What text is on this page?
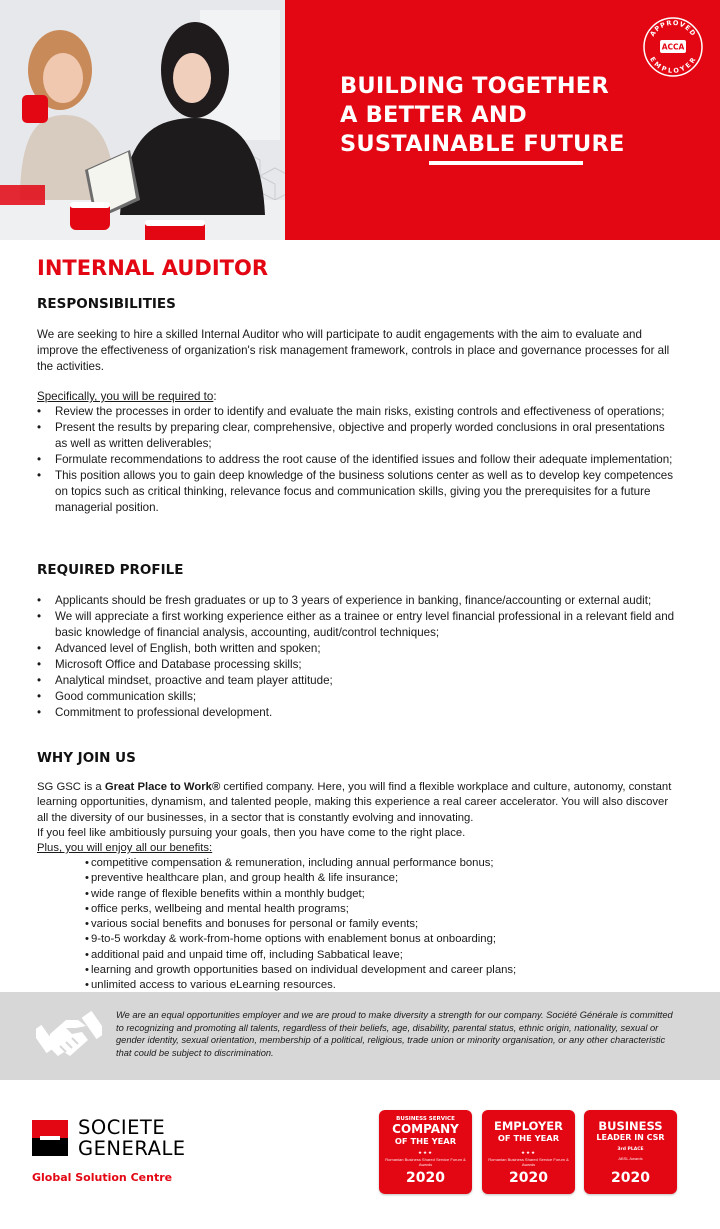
APPROVED
EMPLOYER
ACCA
BUILDING TOGETHER
A BETTER AND
SUSTAINABLE FUTURE
INTERNAL AUDITOR
RESPONSIBILITIES
We are seeking to hire a skilled Internal Auditor who will participate to audit engagements with the aim to evaluate and improve the effectiveness of organization's risk management framework, controls in place and governance processes for all the activities.
Specifically, you will be required to:
• Review the processes in order to identify and evaluate the main risks, existing controls and effectiveness of operations;
• Present the results by preparing clear, comprehensive, objective and properly worded conclusions in oral presentations as well as written deliverables;
• Formulate recommendations to address the root cause of the identified issues and follow their adequate implementation;
• This position allows you to gain deep knowledge of the business solutions center as well as to develop key competences on topics such as critical thinking, relevance focus and communication skills, giving you the prerequisites for a future managerial position.
REQUIRED PROFILE
• Applicants should be fresh graduates or up to 3 years of experience in banking, finance/accounting or external audit;
• We will appreciate a first working experience either as a trainee or entry level financial professional in a relevant field and basic knowledge of financial analysis, accounting, audit/control techniques;
• Advanced level of English, both written and spoken;
• Microsoft Office and Database processing skills;
• Analytical mindset, proactive and team player attitude;
• Good communication skills;
• Commitment to professional development.
WHY JOIN US
SG GSC is a Great Place to Work® certified company. Here, you will find a flexible workplace and culture, autonomy, constant learning opportunities, dynamism, and talented people, making this experience a real career accelerator. You will also discover all the diversity of our businesses, in a sector that is constantly evolving and innovating.
If you feel like ambitiously pursuing your goals, then you have come to the right place.
Plus, you will enjoy all our benefits:
• competitive compensation & remuneration, including annual performance bonus;
• preventive healthcare plan, and group health & life insurance;
• wide range of flexible benefits within a monthly budget;
• office perks, wellbeing and mental health programs;
• various social benefits and bonuses for personal or family events;
• 9-to-5 workday & work-from-home options with enablement bonus at onboarding;
• additional paid and unpaid time off, including Sabbatical leave;
• learning and growth opportunities based on individual development and career plans;
• unlimited access to various eLearning resources.
We are an equal opportunities employer and we are proud to make diversity a strength for our company. Société Générale is committed to recognizing and promoting all talents, regardless of their beliefs, age, disability, parental status, ethnic origin, nationality, sexual or gender identity, sexual orientation, membership of a political, religious, trade union or minority organisation, or any other characteristic that could be subject to discrimination.
SOCIETE
GENERALE
Global Solution Centre
BUSINESS SERVICE
COMPANY
OF THE YEAR
★★★
Romanian Business Shared Service Forum & Awards
2020
EMPLOYER
OF THE YEAR
★★★
Romanian Business Shared Service Forum & Awards
2020
BUSINESS
LEADER IN CSR
3rd PLACE
ABSL Awards
2020
